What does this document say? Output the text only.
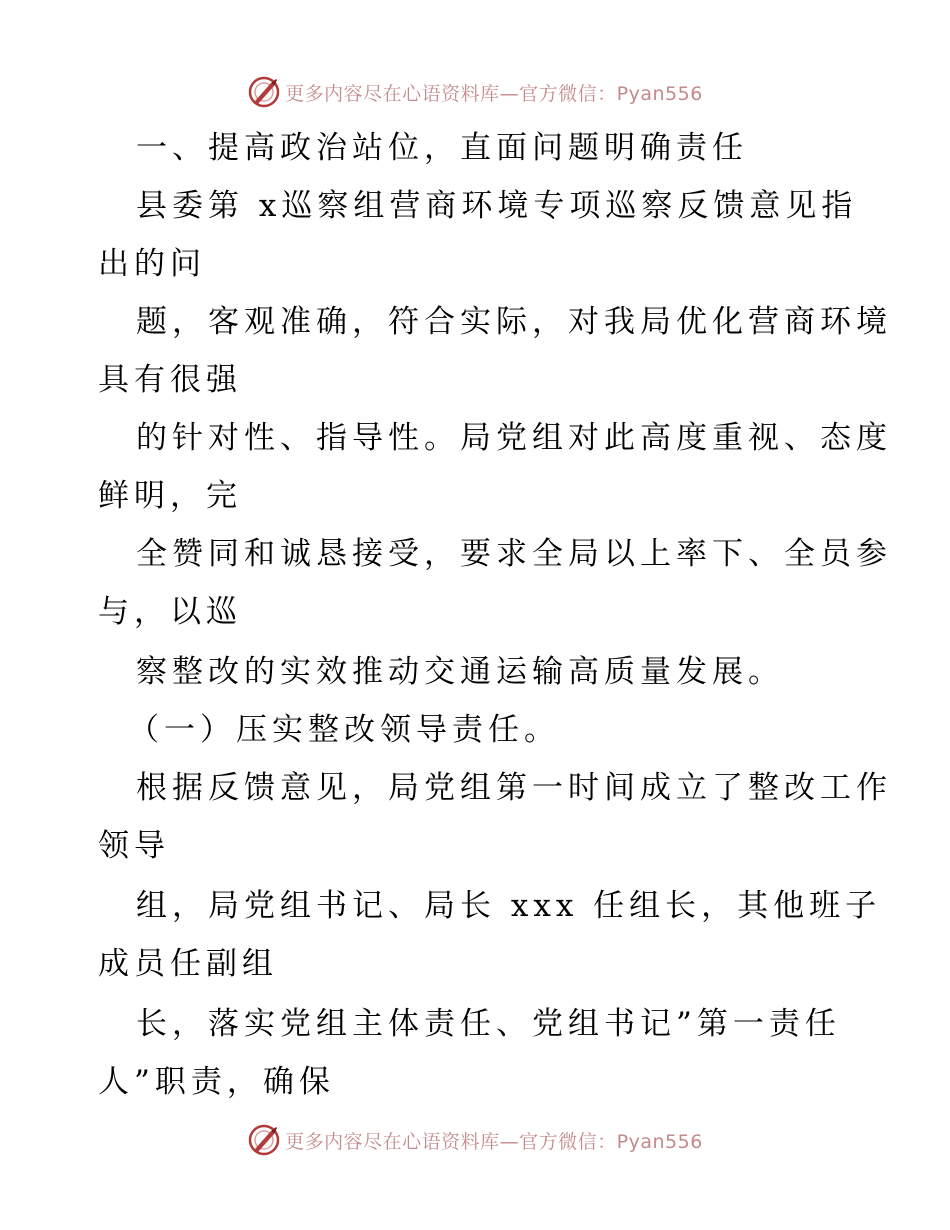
更多内容尽在心语资料库—官方微信：Pyan556
一、提高政治站位，直面问题明确责任
县委第 x巡察组营商环境专项巡察反馈意见指
出的问
题，客观准确，符合实际，对我局优化营商环境
具有很强
的针对性、指导性。局党组对此高度重视、态度
鲜明，完
全赞同和诚恳接受，要求全局以上率下、全员参
与，以巡
察整改的实效推动交通运输高质量发展。
（一）压实整改领导责任。
根据反馈意见，局党组第一时间成立了整改工作
领导
组，局党组书记、局长 xxx 任组长，其他班子
成员任副组
长，落实党组主体责任、党组书记”第一责任
人”职责，确保
更多内容尽在心语资料库—官方微信：Pyan556
